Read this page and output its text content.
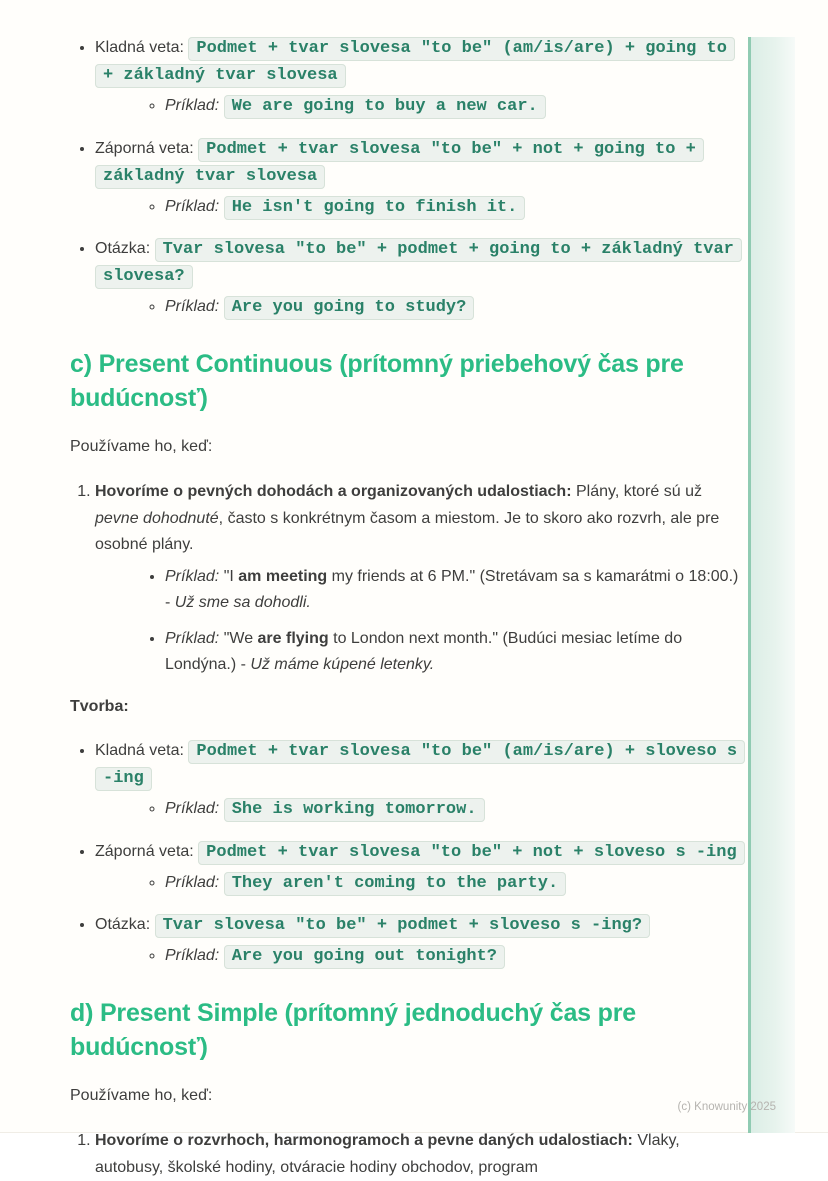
• Kladná veta: Podmet + tvar slovesa "to be" (am/is/are) + going to + základný tvar slovesa
◦ Príklad: We are going to buy a new car.
• Záporná veta: Podmet + tvar slovesa "to be" + not + going to + základný tvar slovesa
◦ Príklad: He isn't going to finish it.
• Otázka: Tvar slovesa "to be" + podmet + going to + základný tvar slovesa?
◦ Príklad: Are you going to study?
c) Present Continuous (prítomný priebehový čas pre budúcnosť)

Používame ho, keď:

1. Hovoríme o pevných dohodách a organizovaných udalostiach: Plány, ktoré sú už pevne dohodnuté, často s konkrétnym časom a miestom. Je to skoro ako rozvrh, ale pre osobné plány.
• Príklad: "I am meeting my friends at 6 PM." (Stretávam sa s kamarátmi o 18:00.) - Už sme sa dohodli.
• Príklad: "We are flying to London next month." (Budúci mesiac letíme do Londýna.) - Už máme kúpené letenky.

Tvorba:

• Kladná veta: Podmet + tvar slovesa "to be" (am/is/are) + sloveso s -ing
◦ Príklad: She is working tomorrow.
• Záporná veta: Podmet + tvar slovesa "to be" + not + sloveso s -ing
◦ Príklad: They aren't coming to the party.
• Otázka: Tvar slovesa "to be" + podmet + sloveso s -ing?
◦ Príklad: Are you going out tonight?
d) Present Simple (prítomný jednoduchý čas pre budúcnosť)

Používame ho, keď:

1. Hovoríme o rozvrhoch, harmonogramoch a pevne daných udalostiach: Vlaky, autobusy, školské hodiny, otváracie hodiny obchodov, program
(c) Knowunity 2025
